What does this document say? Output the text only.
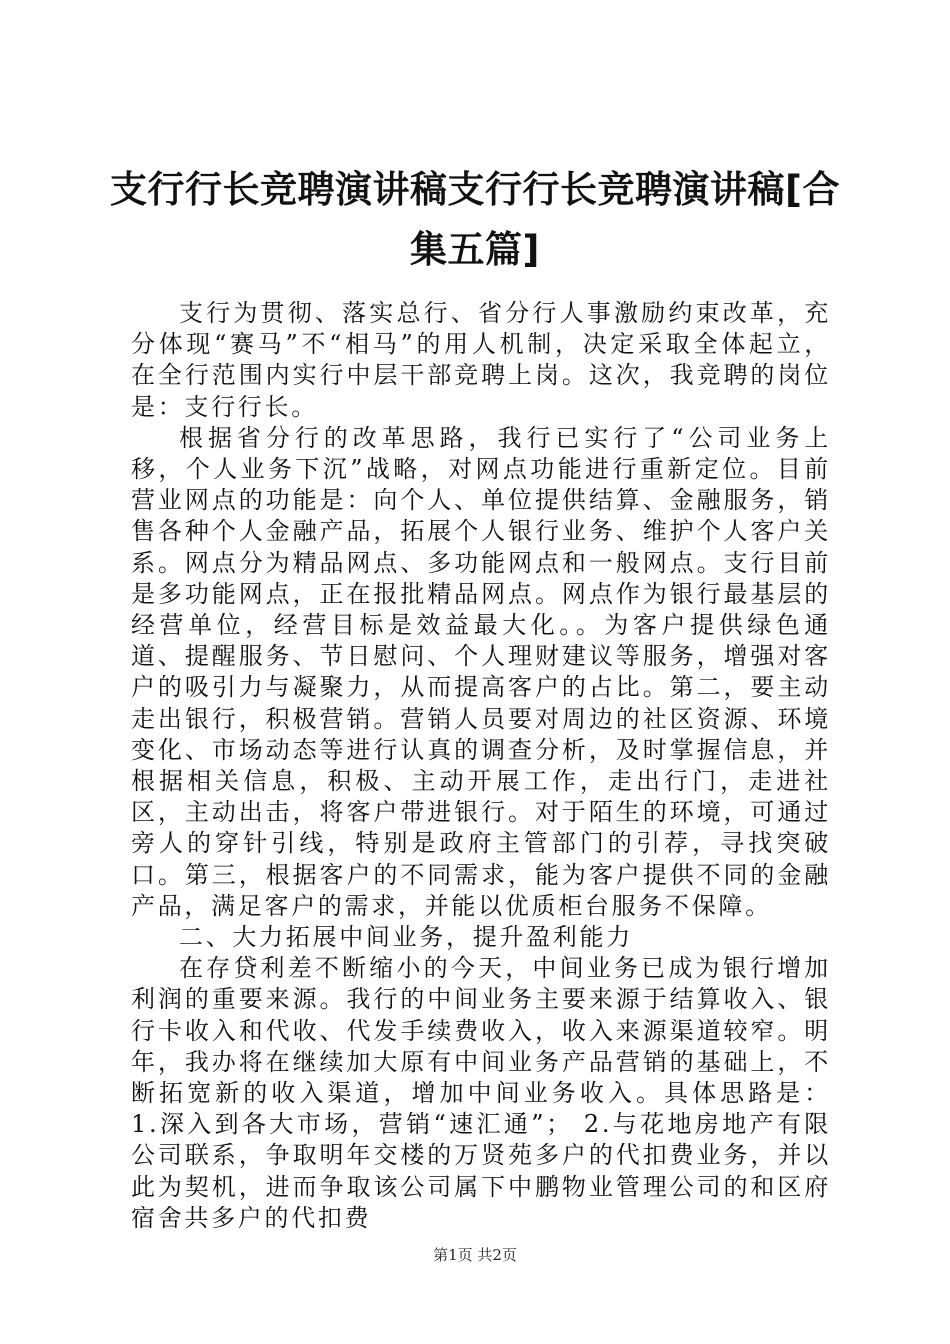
支行行长竞聘演讲稿支行行长竞聘演讲稿[合集五篇]

支行为贯彻、落实总行、省分行人事激励约束改革，充分体现“赛马”不“相马”的用人机制，决定采取全体起立，在全行范围内实行中层干部竞聘上岗。这次，我竞聘的岗位是：支行行长。

根据省分行的改革思路，我行已实行了“公司业务上移，个人业务下沉”战略，对网点功能进行重新定位。目前营业网点的功能是：向个人、单位提供结算、金融服务，销售各种个人金融产品，拓展个人银行业务、维护个人客户关系。网点分为精品网点、多功能网点和一般网点。支行目前是多功能网点，正在报批精品网点。网点作为银行最基层的经营单位，经营目标是效益最大化。。为客户提供绿色通道、提醒服务、节日慰问、个人理财建议等服务，增强对客户的吸引力与凝聚力，从而提高客户的占比。第二，要主动走出银行，积极营销。营销人员要对周边的社区资源、环境变化、市场动态等进行认真的调查分析，及时掌握信息，并根据相关信息，积极、主动开展工作，走出行门，走进社区，主动出击，将客户带进银行。对于陌生的环境，可通过旁人的穿针引线，特别是政府主管部门的引荐，寻找突破口。第三，根据客户的不同需求，能为客户提供不同的金融产品，满足客户的需求，并能以优质柜台服务不保障。

二、大力拓展中间业务，提升盈利能力

在存贷利差不断缩小的今天，中间业务已成为银行增加利润的重要来源。我行的中间业务主要来源于结算收入、银行卡收入和代收、代发手续费收入，收入来源渠道较窄。明年，我办将在继续加大原有中间业务产品营销的基础上，不断拓宽新的收入渠道，增加中间业务收入。具体思路是： 1.深入到各大市场，营销“速汇通”； 2.与花地房地产有限公司联系，争取明年交楼的万贤苑多户的代扣费业务，并以此为契机，进而争取该公司属下中鹏物业管理公司的和区府宿舍共多户的代扣费

第1页 共2页
